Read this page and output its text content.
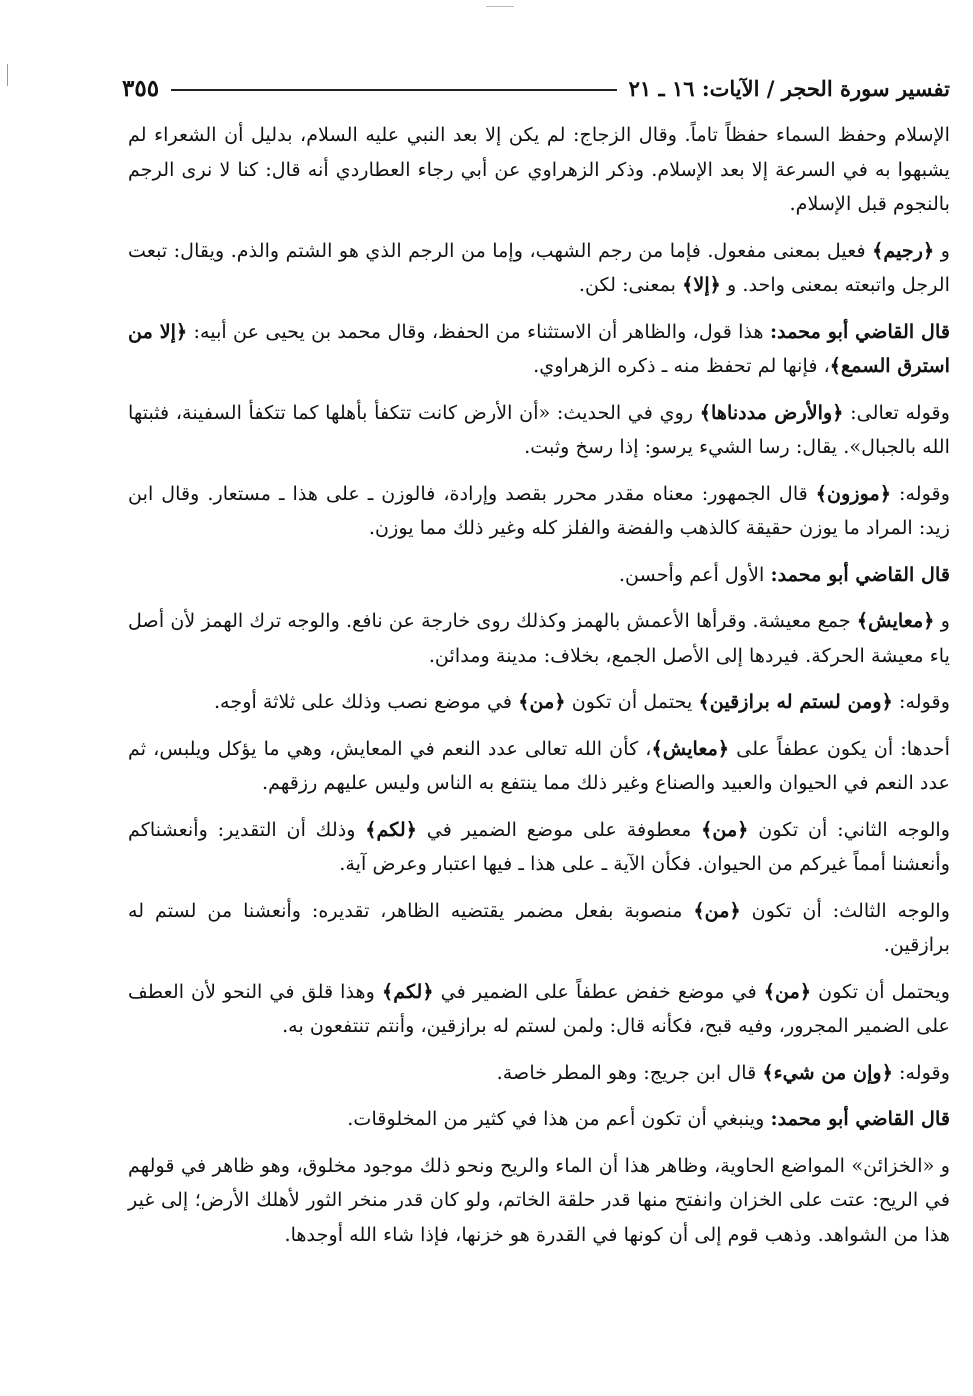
تفسير سورة الحجر / الآيات: ١٦ ـ ٢١
٣٥٥

الإسلام وحفظ السماء حفظاً تاماً. وقال الزجاج: لم يكن إلا بعد النبي عليه السلام، بدليل أن الشعراء لم يشبهوا به في السرعة إلا بعد الإسلام. وذكر الزهراوي عن أبي رجاء العطاردي أنه قال: كنا لا نرى الرجم بالنجوم قبل الإسلام.

و ﴿رجيم﴾ فعيل بمعنى مفعول. فإما من رجم الشهب، وإما من الرجم الذي هو الشتم والذم. ويقال: تبعت الرجل واتبعته بمعنى واحد. و ﴿إلا﴾ بمعنى: لكن.

قال القاضي أبو محمد: هذا قول، والظاهر أن الاستثناء من الحفظ، وقال محمد بن يحيى عن أبيه: ﴿إلا من استرق السمع﴾، فإنها لم تحفظ منه ـ ذكره الزهراوي.

وقوله تعالى: ﴿والأرض مددناها﴾ روي في الحديث: «أن الأرض كانت تتكفأ بأهلها كما تتكفأ السفينة، فثبتها الله بالجبال». يقال: رسا الشيء يرسو: إذا رسخ وثبت.

وقوله: ﴿موزون﴾ قال الجمهور: معناه مقدر محرر بقصد وإرادة، فالوزن ـ على هذا ـ مستعار. وقال ابن زيد: المراد ما يوزن حقيقة كالذهب والفضة والفلز كله وغير ذلك مما يوزن.

قال القاضي أبو محمد: الأول أعم وأحسن.

و ﴿معايش﴾ جمع معيشة. وقرأها الأعمش بالهمز وكذلك روى خارجة عن نافع. والوجه ترك الهمز لأن أصل ياء معيشة الحركة. فيردها إلى الأصل الجمع، بخلاف: مدينة ومدائن.

وقوله: ﴿ومن لستم له برازقين﴾ يحتمل أن تكون ﴿من﴾ في موضع نصب وذلك على ثلاثة أوجه.

أحدها: أن يكون عطفاً على ﴿معايش﴾، كأن الله تعالى عدد النعم في المعايش، وهي ما يؤكل ويلبس، ثم عدد النعم في الحيوان والعبيد والصناع وغير ذلك مما ينتفع به الناس وليس عليهم رزقهم.

والوجه الثاني: أن تكون ﴿من﴾ معطوفة على موضع الضمير في ﴿لكم﴾ وذلك أن التقدير: وأنعشناكم وأنعشنا أمماً غيركم من الحيوان. فكأن الآية ـ على هذا ـ فيها اعتبار وعرض آية.

والوجه الثالث: أن تكون ﴿من﴾ منصوبة بفعل مضمر يقتضيه الظاهر، تقديره: وأنعشنا من لستم له برازقين.

ويحتمل أن تكون ﴿من﴾ في موضع خفض عطفاً على الضمير في ﴿لكم﴾ وهذا قلق في النحو لأن العطف على الضمير المجرور، وفيه قبح، فكأنه قال: ولمن لستم له برازقين، وأنتم تنتفعون به.

وقوله: ﴿وإن من شيء﴾ قال ابن جريج: وهو المطر خاصة.

قال القاضي أبو محمد: وينبغي أن تكون أعم من هذا في كثير من المخلوقات.

و «الخزائن» المواضع الحاوية، وظاهر هذا أن الماء والريح ونحو ذلك موجود مخلوق، وهو ظاهر في قولهم في الريح: عتت على الخزان وانفتح منها قدر حلقة الخاتم، ولو كان قدر منخر الثور لأهلك الأرض؛ إلى غير هذا من الشواهد. وذهب قوم إلى أن كونها في القدرة هو خزنها، فإذا شاء الله أوجدها.
